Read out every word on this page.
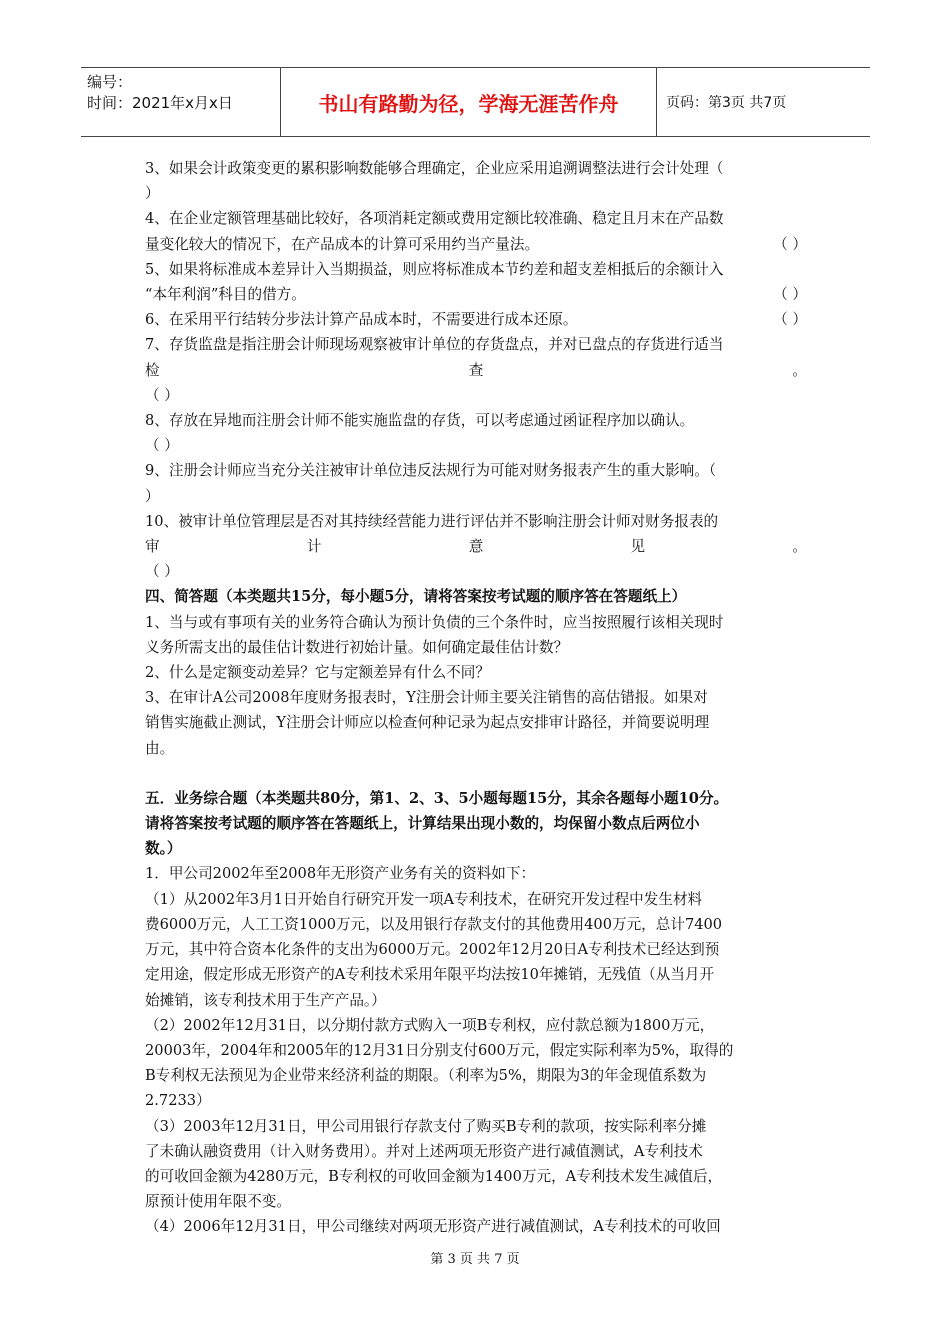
编号：
时间：2021年x月x日	书山有路勤为径，学海无涯苦作舟	页码：第3页 共7页

3、如果会计政策变更的累积影响数能够合理确定，企业应采用追溯调整法进行会计处理（

）

4、在企业定额管理基础比较好，各项消耗定额或费用定额比较准确、稳定且月末在产品数

量变化较大的情况下，在产品成本的计算可采用约当产量法。	（ ）

5、如果将标准成本差异计入当期损益，则应将标准成本节约差和超支差相抵后的余额计入

“本年利润”科目的借方。	（ ）

6、在采用平行结转分步法计算产品成本时，不需要进行成本还原。	（ ）

7、存货监盘是指注册会计师现场观察被审计单位的存货盘点，并对已盘点的存货进行适当

检	查	。

（ ）

8、存放在异地而注册会计师不能实施监盘的存货，可以考虑通过函证程序加以确认。

（ ）

9、注册会计师应当充分关注被审计单位违反法规行为可能对财务报表产生的重大影响。（

）

10、被审计单位管理层是否对其持续经营能力进行评估并不影响注册会计师对财务报表的

审	计	意	见	。

（ ）

四、简答题（本类题共15分，每小题5分，请将答案按考试题的顺序答在答题纸上）

1、当与或有事项有关的业务符合确认为预计负债的三个条件时，应当按照履行该相关现时

义务所需支出的最佳估计数进行初始计量。如何确定最佳估计数？

2、什么是定额变动差异？它与定额差异有什么不同？

3、在审计A公司2008年度财务报表时，Y注册会计师主要关注销售的高估错报。如果对

销售实施截止测试，Y注册会计师应以检查何种记录为起点安排审计路径，并简要说明理

由。

五．业务综合题（本类题共80分，第1、2、3、5小题每题15分，其余各题每小题10分。

请将答案按考试题的顺序答在答题纸上，计算结果出现小数的，均保留小数点后两位小

数。）

1．甲公司2002年至2008年无形资产业务有关的资料如下：

（1）从2002年3月1日开始自行研究开发一项A专利技术，在研究开发过程中发生材料

费6000万元，人工工资1000万元，以及用银行存款支付的其他费用400万元，总计7400

万元，其中符合资本化条件的支出为6000万元。2002年12月20日A专利技术已经达到预

定用途，假定形成无形资产的A专利技术采用年限平均法按10年摊销，无残值（从当月开

始摊销，该专利技术用于生产产品。）

（2）2002年12月31日，以分期付款方式购入一项B专利权，应付款总额为1800万元，

20003年，2004年和2005年的12月31日分别支付600万元，假定实际利率为5%，取得的

B专利权无法预见为企业带来经济利益的期限。（利率为5%，期限为3的年金现值系数为

2.7233）

（3）2003年12月31日，甲公司用银行存款支付了购买B专利的款项，按实际利率分摊

了未确认融资费用（计入财务费用）。并对上述两项无形资产进行减值测试，A专利技术

的可收回金额为4280万元，B专利权的可收回金额为1400万元，A专利技术发生减值后，

原预计使用年限不变。

（4）2006年12月31日，甲公司继续对两项无形资产进行减值测试，A专利技术的可收回

第 3 页 共 7 页
